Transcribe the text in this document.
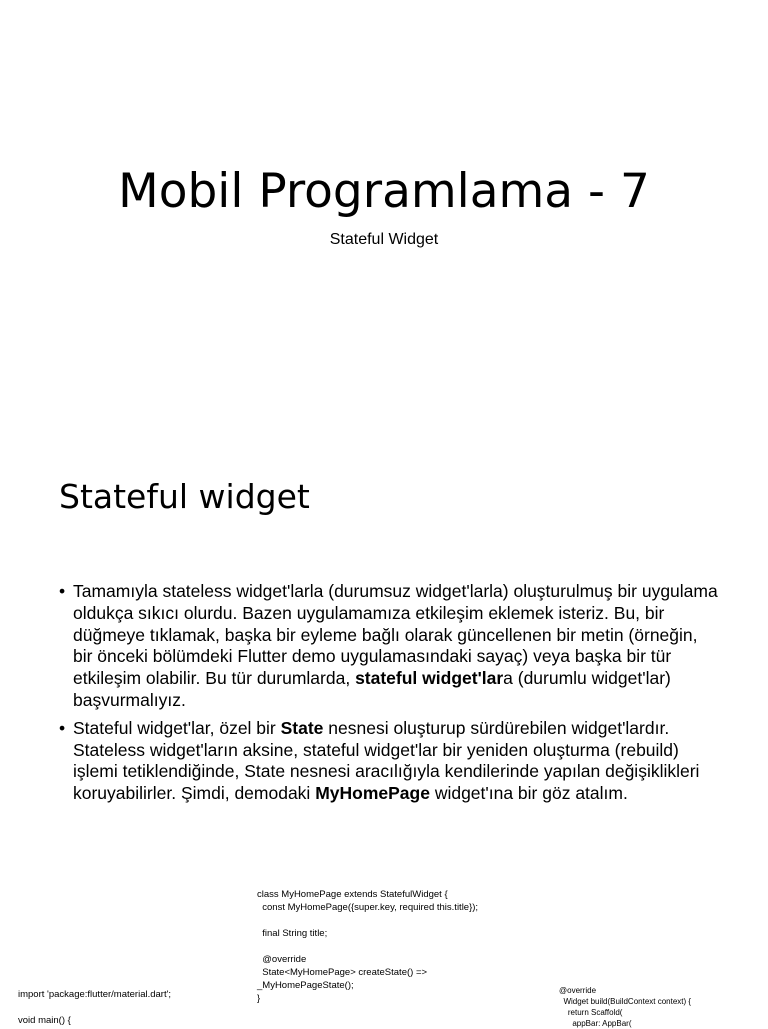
Mobil Programlama - 7
Stateful Widget
Stateful widget
• Tamamıyla stateless widget'larla (durumsuz widget'larla) oluşturulmuş bir uygulama oldukça sıkıcı olurdu. Bazen uygulamamıza etkileşim eklemek isteriz. Bu, bir düğmeye tıklamak, başka bir eyleme bağlı olarak güncellenen bir metin (örneğin, bir önceki bölümdeki Flutter demo uygulamasındaki sayaç) veya başka bir tür etkileşim olabilir. Bu tür durumlarda, stateful widget'lara (durumlu widget'lar) başvurmalıyız.
• Stateful widget'lar, özel bir State nesnesi oluşturup sürdürebilen widget'lardır. Stateless widget'ların aksine, stateful widget'lar bir yeniden oluşturma (rebuild) işlemi tetiklendiğinde, State nesnesi aracılığıyla kendilerinde yapılan değişiklikleri koruyabilirler. Şimdi, demodaki MyHomePage widget'ına bir göz atalım.
class MyHomePage extends StatefulWidget {
const MyHomePage({super.key, required this.title});

final String title;

@override
State<MyHomePage> createState() =>
_MyHomePageState();
}
import 'package:flutter/material.dart';

void main() {
@override
Widget build(BuildContext context) {
return Scaffold(
appBar: AppBar(
